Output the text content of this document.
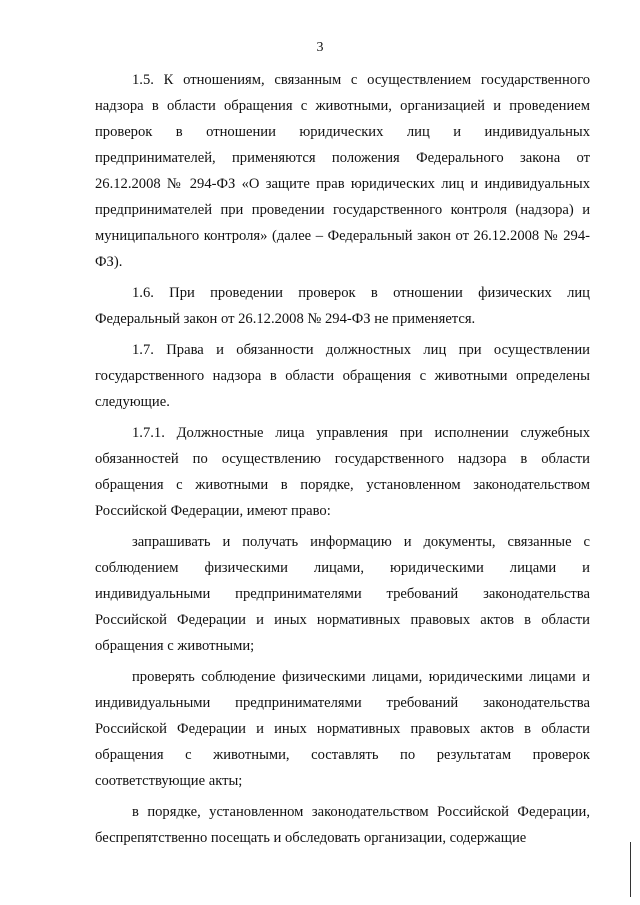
3

1.5. К отношениям, связанным с осуществлением государственного надзора в области обращения с животными, организацией и проведением проверок в отношении юридических лиц и индивидуальных предпринимателей, применяются положения Федерального закона от 26.12.2008 № 294-ФЗ «О защите прав юридических лиц и индивидуальных предпринимателей при проведении государственного контроля (надзора) и муниципального контроля» (далее – Федеральный закон от 26.12.2008 № 294-ФЗ).

1.6. При проведении проверок в отношении физических лиц Федеральный закон от 26.12.2008 № 294-ФЗ не применяется.

1.7. Права и обязанности должностных лиц при осуществлении государственного надзора в области обращения с животными определены следующие.

1.7.1. Должностные лица управления при исполнении служебных обязанностей по осуществлению государственного надзора в области обращения с животными в порядке, установленном законодательством Российской Федерации, имеют право:

запрашивать и получать информацию и документы, связанные с соблюдением физическими лицами, юридическими лицами и индивидуальными предпринимателями требований законодательства Российской Федерации и иных нормативных правовых актов в области обращения с животными;

проверять соблюдение физическими лицами, юридическими лицами и индивидуальными предпринимателями требований законодательства Российской Федерации и иных нормативных правовых актов в области обращения с животными, составлять по результатам проверок соответствующие акты;

в порядке, установленном законодательством Российской Федерации, беспрепятственно посещать и обследовать организации, содержащие
